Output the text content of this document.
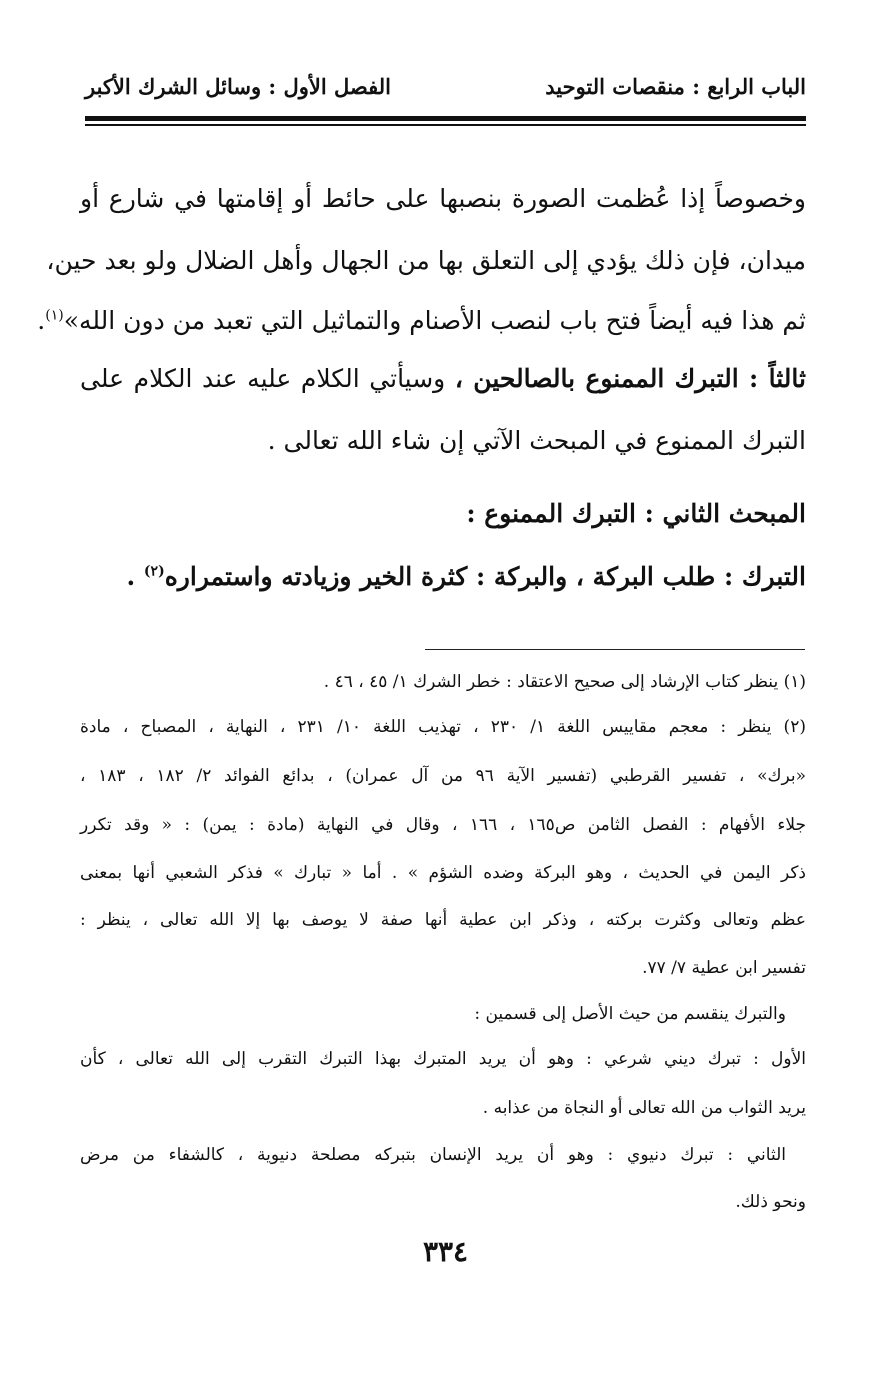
الباب الرابع : منقصات التوحيد
الفصل الأول : وسائل الشرك الأكبر
وخصوصاً إذا عُظمت الصورة بنصبها على حائط أو إقامتها في شارع أو
ميدان، فإن ذلك يؤدي إلى التعلق بها من الجهال وأهل الضلال ولو بعد حين،
ثم هذا فيه أيضاً فتح باب لنصب الأصنام والتماثيل التي تعبد من دون الله»$^{(١)}$.
ثالثاً : التبرك الممنوع بالصالحين ، وسيأتي الكلام عليه عند الكلام على
التبرك الممنوع في المبحث الآتي إن شاء الله تعالى .
المبحث الثاني : التبرك الممنوع :
التبرك : طلب البركة ، والبركة : كثرة الخير وزيادته واستمراره$^{(٢)}$ .
(١) ينظر كتاب الإرشاد إلى صحيح الاعتقاد : خطر الشرك ١/ ٤٥ ، ٤٦ .
(٢) ينظر : معجم مقاييس اللغة ١/ ٢٣٠ ، تهذيب اللغة ١٠/ ٢٣١ ، النهاية ، المصباح ، مادة
«برك» ، تفسير القرطبي (تفسير الآية ٩٦ من آل عمران) ، بدائع الفوائد ٢/ ١٨٢ ، ١٨٣ ،
جلاء الأفهام : الفصل الثامن ص١٦٥ ، ١٦٦ ، وقال في النهاية (مادة : يمن) : « وقد تكرر
ذكر اليمن في الحديث ، وهو البركة وضده الشؤم » . أما « تبارك » فذكر الشعبي أنها بمعنى
عظم وتعالى وكثرت بركته ، وذكر ابن عطية أنها صفة لا يوصف بها إلا الله تعالى ، ينظر :
تفسير ابن عطية ٧/ ٧٧.
والتبرك ينقسم من حيث الأصل إلى قسمين :
الأول : تبرك ديني شرعي : وهو أن يريد المتبرك بهذا التبرك التقرب إلى الله تعالى ، كأن
يريد الثواب من الله تعالى أو النجاة من عذابه .
الثاني : تبرك دنيوي : وهو أن يريد الإنسان بتبركه مصلحة دنيوية ، كالشفاء من مرض
ونحو ذلك.
٣٣٤
